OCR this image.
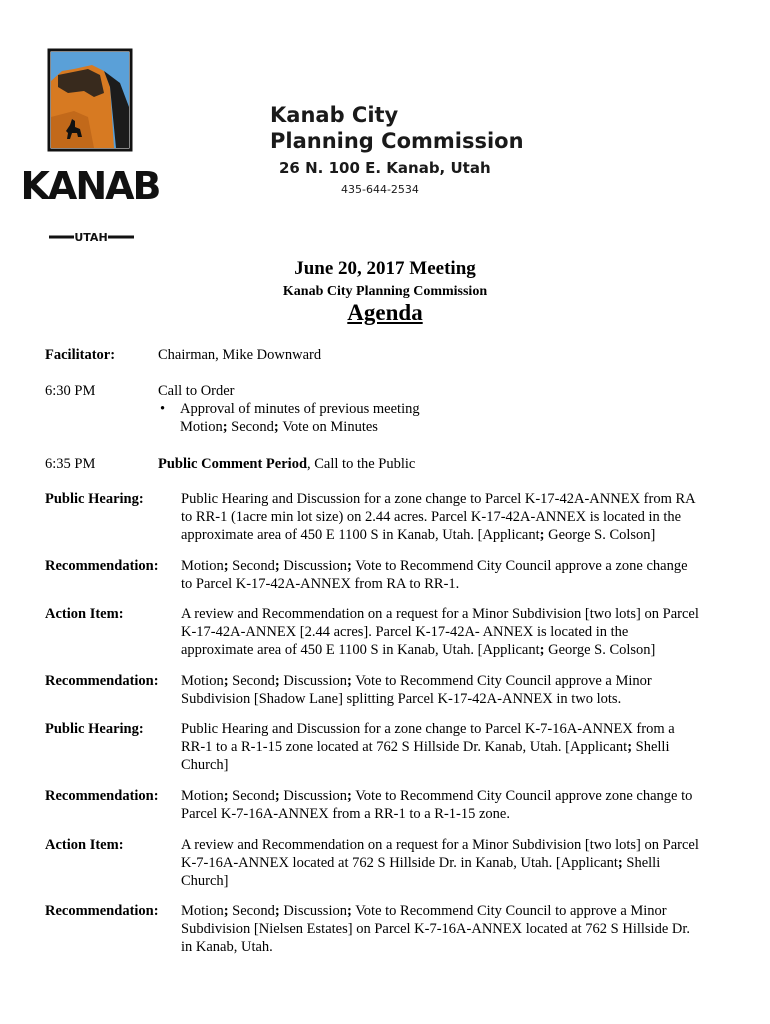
KANAB
UTAH
Kanab City
Planning Commission
26 N. 100 E. Kanab, Utah
435-644-2534
June 20, 2017 Meeting
Kanab City Planning Commission
Agenda
Facilitator:	Chairman, Mike Downward
6:30 PM	Call to Order
• Approval of minutes of previous meeting
Motion; Second; Vote on Minutes
6:35 PM	Public Comment Period, Call to the Public
Public Hearing:	Public Hearing and Discussion for a zone change to Parcel K-17-42A-ANNEX from RA
to RR-1 (1acre min lot size) on 2.44 acres. Parcel K-17-42A-ANNEX is located in the
approximate area of 450 E 1100 S in Kanab, Utah. [Applicant; George S. Colson]
Recommendation: Motion; Second; Discussion; Vote to Recommend City Council approve a zone change
to Parcel K-17-42A-ANNEX from RA to RR-1.
Action Item:	A review and Recommendation on a request for a Minor Subdivision [two lots] on Parcel
K-17-42A-ANNEX [2.44 acres]. Parcel K-17-42A- ANNEX is located in the
approximate area of 450 E 1100 S in Kanab, Utah. [Applicant; George S. Colson]
Recommendation: Motion; Second; Discussion; Vote to Recommend City Council approve a Minor
Subdivision [Shadow Lane] splitting Parcel K-17-42A-ANNEX in two lots.
Public Hearing:	Public Hearing and Discussion for a zone change to Parcel K-7-16A-ANNEX from a
RR-1 to a R-1-15 zone located at 762 S Hillside Dr. Kanab, Utah. [Applicant; Shelli
Church]
Recommendation: Motion; Second; Discussion; Vote to Recommend City Council approve zone change to
Parcel K-7-16A-ANNEX from a RR-1 to a R-1-15 zone.
Action Item:	A review and Recommendation on a request for a Minor Subdivision [two lots] on Parcel
K-7-16A-ANNEX located at 762 S Hillside Dr. in Kanab, Utah. [Applicant; Shelli
Church]
Recommendation: Motion; Second; Discussion; Vote to Recommend City Council to approve a Minor
Subdivision [Nielsen Estates] on Parcel K-7-16A-ANNEX located at 762 S Hillside Dr.
in Kanab, Utah.
